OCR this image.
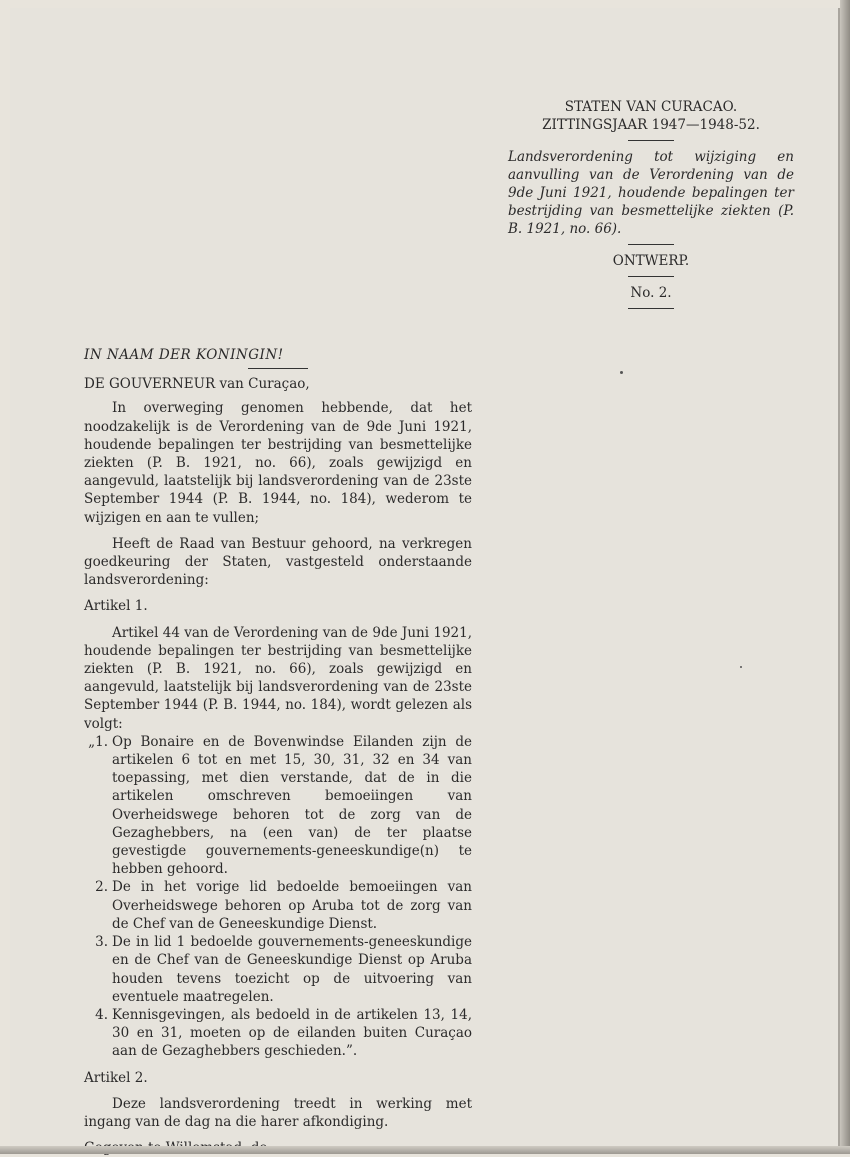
STATEN VAN CURACAO.
ZITTINGSJAAR 1947—1948-52.
Landsverordening tot wijziging en aanvulling van de Verordening van de 9de Juni 1921, houdende bepalingen ter bestrijding van besmettelijke ziekten (P. B. 1921, no. 66).
ONTWERP.
No. 2.

IN NAAM DER KONINGIN!

DE GOUVERNEUR van Curaçao,

In overweging genomen hebbende, dat het noodzakelijk is de Verordening van de 9de Juni 1921, houdende bepalingen ter bestrijding van besmettelijke ziekten (P. B. 1921, no. 66), zoals gewijzigd en aangevuld, laatstelijk bij landsverordening van de 23ste September 1944 (P. B. 1944, no. 184), wederom te wijzigen en aan te vullen;

Heeft de Raad van Bestuur gehoord, na verkregen goedkeuring der Staten, vastgesteld onderstaande landsverordening:

Artikel 1.

Artikel 44 van de Verordening van de 9de Juni 1921, houdende bepalingen ter bestrijding van besmettelijke ziekten (P. B. 1921, no. 66), zoals gewijzigd en aangevuld, laatstelijk bij landsverordening van de 23ste September 1944 (P. B. 1944, no. 184), wordt gelezen als volgt:

„1. Op Bonaire en de Bovenwindse Eilanden zijn de artikelen 6 tot en met 15, 30, 31, 32 en 34 van toepassing, met dien verstande, dat de in die artikelen omschreven bemoeiingen van Overheidswege behoren tot de zorg van de Gezaghebbers, na (een van) de ter plaatse gevestigde gouvernements-geneeskundige(n) te hebben gehoord.
2. De in het vorige lid bedoelde bemoeiingen van Overheidswege behoren op Aruba tot de zorg van de Chef van de Geneeskundige Dienst.
3. De in lid 1 bedoelde gouvernements-geneeskundige en de Chef van de Geneeskundige Dienst op Aruba houden tevens toezicht op de uitvoering van eventuele maatregelen.
4. Kennisgevingen, als bedoeld in de artikelen 13, 14, 30 en 31, moeten op de eilanden buiten Curaçao aan de Gezaghebbers geschieden.”.

Artikel 2.

Deze landsverordening treedt in werking met ingang van de dag na die harer afkondiging.
